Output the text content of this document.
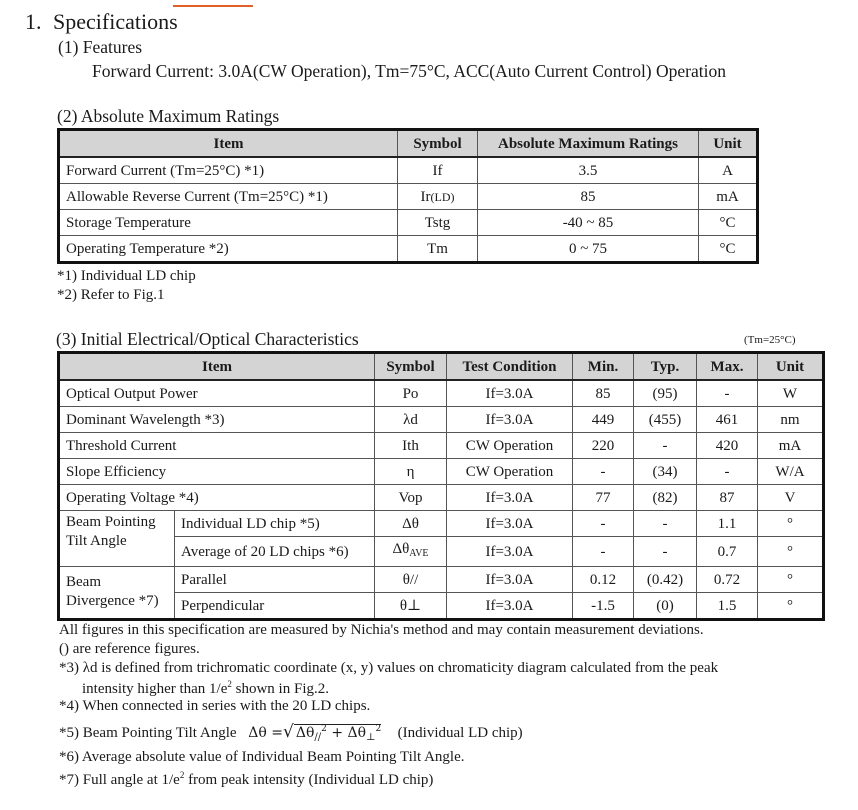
1. Specifications
(1) Features
Forward Current: 3.0A(CW Operation), Tm=75°C, ACC(Auto Current Control) Operation
(2) Absolute Maximum Ratings
Item	Symbol	Absolute Maximum Ratings	Unit
Forward Current (Tm=25°C) *1)	If	3.5	A
Allowable Reverse Current (Tm=25°C) *1)	Ir(LD)	85	mA
Storage Temperature	Tstg	-40 ~ 85	°C
Operating Temperature *2)	Tm	0 ~ 75	°C
*1) Individual LD chip
*2) Refer to Fig.1
(3) Initial Electrical/Optical Characteristics	(Tm=25°C)
Item		Symbol	Test Condition	Min.	Typ.	Max.	Unit
Optical Output Power		Po	If=3.0A	85	(95)	-	W
Dominant Wavelength *3)		λd	If=3.0A	449	(455)	461	nm
Threshold Current		Ith	CW Operation	220	-	420	mA
Slope Efficiency		η	CW Operation	-	(34)	-	W/A
Operating Voltage *4)		Vop	If=3.0A	77	(82)	87	V

Beam Pointing
Tilt Angle	Individual LD chip *5)	Δθ	If=3.0A	-	-	1.1	°
	Average of 20 LD chips *6)	$\Delta\theta_{AVE}$	If=3.0A	-	-	0.7	°

Beam
Divergence *7)	Parallel	θ//	If=3.0A	0.12	(0.42)	0.72	°
	Perpendicular	θ⊥	If=3.0A	-1.5	(0)	1.5	°
All figures in this specification are measured by Nichia's method and may contain measurement deviations.
() are reference figures.
*3) λd is defined from trichromatic coordinate (x, y) values on chromaticity diagram calculated from the peak
intensity higher than $1/e^2$ shown in Fig.2.
*4) When connected in series with the 20 LD chips.
*5) Beam Pointing Tilt Angle Δθ =√ $\Delta\theta_{//}^2 + \Delta\theta_\perp^2$ (Individual LD chip)
*6) Average absolute value of Individual Beam Pointing Tilt Angle.
*7) Full angle at $1/e^2$ from peak intensity (Individual LD chip)
